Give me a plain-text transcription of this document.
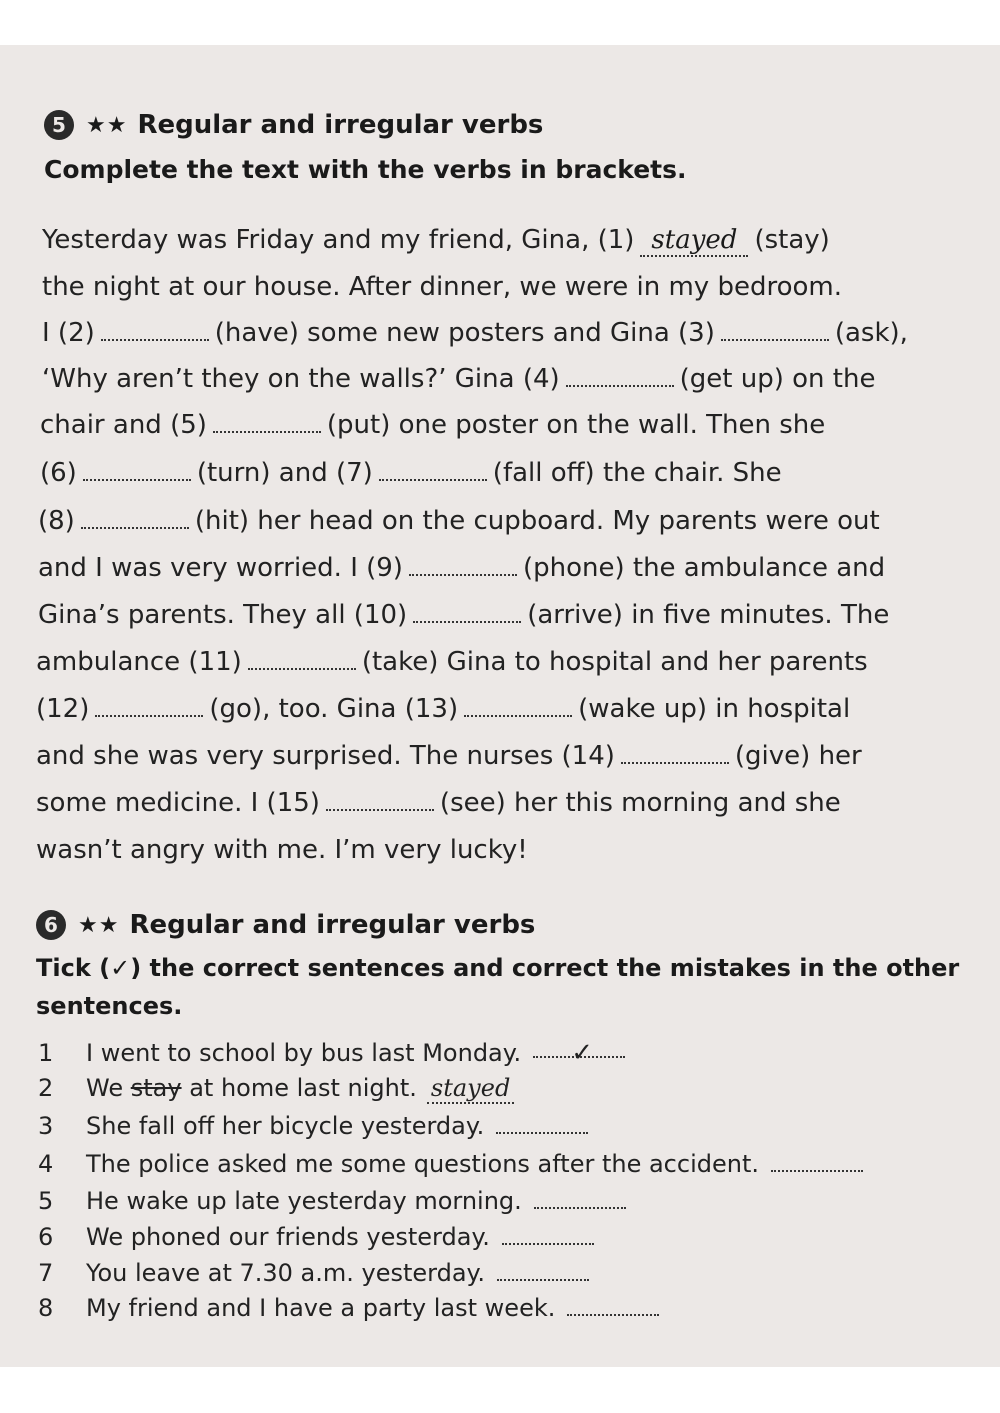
5 ★★ Regular and irregular verbs
Complete the text with the verbs in brackets.
Yesterday was Friday and my friend, Gina, (1) stayed (stay)
the night at our house. After dinner, we were in my bedroom.
I (2)	(have) some new posters and Gina (3)	(ask),
‘Why aren’t they on the walls?’ Gina (4)	(get up) on the
chair and (5)	(put) one poster on the wall. Then she
(6)	(turn) and (7)	(fall off) the chair. She
(8)	(hit) her head on the cupboard. My parents were out
and I was very worried. I (9)	(phone) the ambulance and
Gina’s parents. They all (10)	(arrive) in five minutes. The
ambulance (11)	(take) Gina to hospital and her parents
(12)	(go), too. Gina (13)	(wake up) in hospital
and she was very surprised. The nurses (14)	(give) her
some medicine. I (15)	(see) her this morning and she
wasn’t angry with me. I’m very lucky!
6 ★★ Regular and irregular verbs
Tick (✓) the correct sentences and correct the mistakes in the other
sentences.
1 I went to school by bus last Monday. ✓
2 We stay at home last night. stayed
3 She fall off her bicycle yesterday.
4 The police asked me some questions after the accident.
5 He wake up late yesterday morning.
6 We phoned our friends yesterday.
7 You leave at 7.30 a.m. yesterday.
8 My friend and I have a party last week.
